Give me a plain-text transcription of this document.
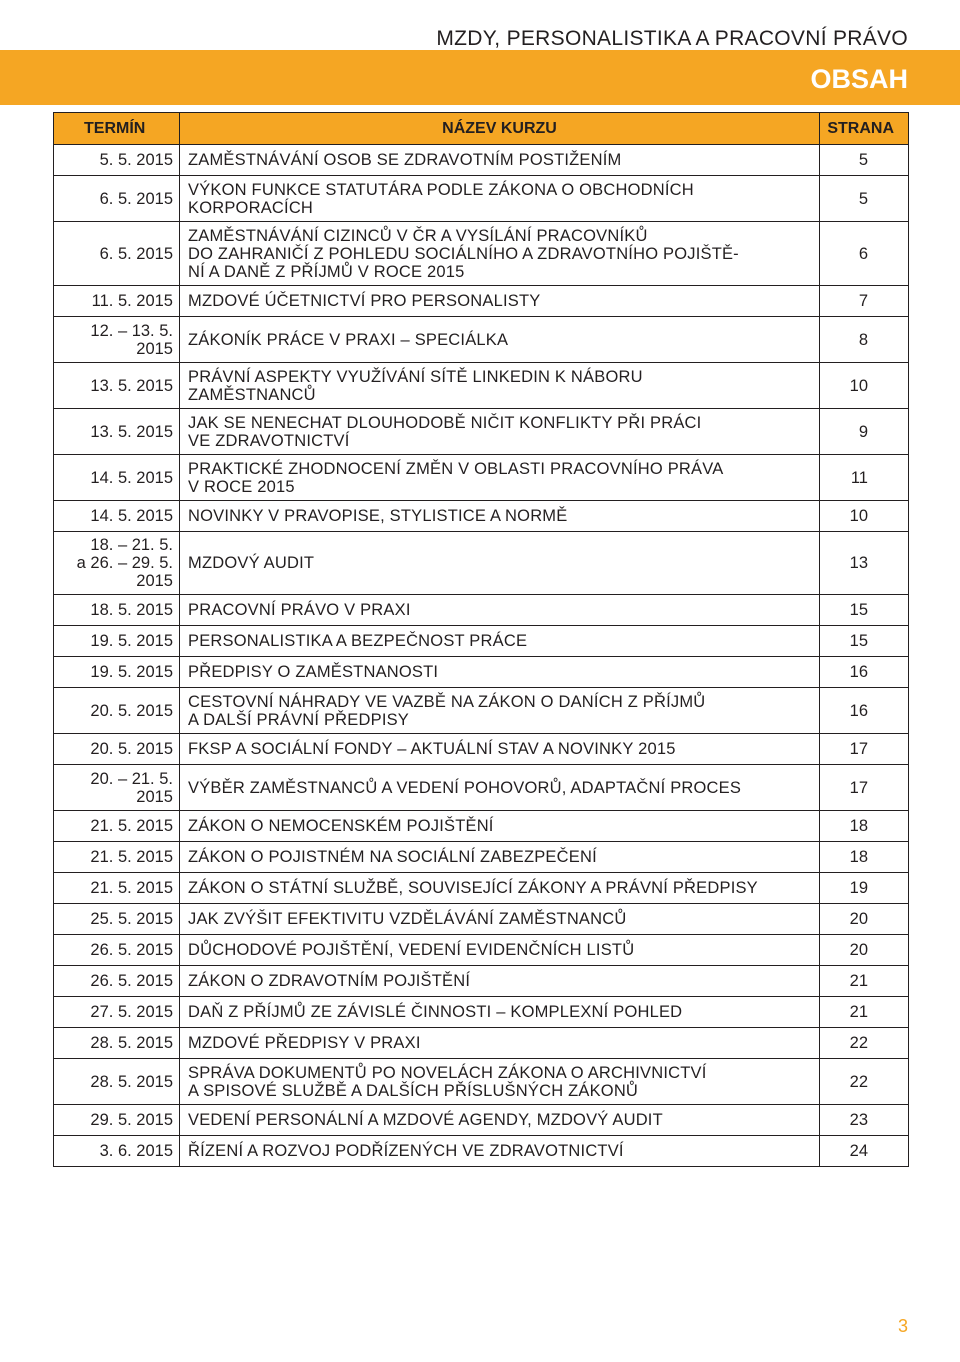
MZDY, PERSONALISTIKA A PRACOVNÍ PRÁVO
OBSAH
TERMÍN	NÁZEV KURZU	STRANA
5. 5. 2015	ZAMĚSTNÁVÁNÍ OSOB SE ZDRAVOTNÍM POSTIŽENÍM	5
6. 5. 2015	VÝKON FUNKCE STATUTÁRA PODLE ZÁKONA O OBCHODNÍCH
KORPORACÍCH	5
6. 5. 2015	ZAMĚSTNÁVÁNÍ CIZINCŮ V ČR A VYSÍLÁNÍ PRACOVNÍKŮ
DO ZAHRANIČÍ Z POHLEDU SOCIÁLNÍHO A ZDRAVOTNÍHO POJIŠTĚ-
NÍ A DANĚ Z PŘÍJMŮ V ROCE 2015	6
11. 5. 2015	MZDOVÉ ÚČETNICTVÍ PRO PERSONALISTY	7
12. – 13. 5.
2015	ZÁKONÍK PRÁCE V PRAXI – SPECIÁLKA	8
13. 5. 2015	PRÁVNÍ ASPEKTY VYUŽÍVÁNÍ SÍTĚ LINKEDIN K NÁBORU
ZAMĚSTNANCŮ	10
13. 5. 2015	JAK SE NENECHAT DLOUHODOBĚ NIČIT KONFLIKTY PŘI PRÁCI
VE ZDRAVOTNICTVÍ	9
14. 5. 2015	PRAKTICKÉ ZHODNOCENÍ ZMĚN V OBLASTI PRACOVNÍHO PRÁVA
V ROCE 2015	11
14. 5. 2015	NOVINKY V PRAVOPISE, STYLISTICE A NORMĚ	10
18. – 21. 5.
a 26. – 29. 5.
2015	MZDOVÝ AUDIT	13
18. 5. 2015	PRACOVNÍ PRÁVO V PRAXI	15
19. 5. 2015	PERSONALISTIKA A BEZPEČNOST PRÁCE	15
19. 5. 2015	PŘEDPISY O ZAMĚSTNANOSTI	16
20. 5. 2015	CESTOVNÍ NÁHRADY VE VAZBĚ NA ZÁKON O DANÍCH Z PŘÍJMŮ
A DALŠÍ PRÁVNÍ PŘEDPISY	16
20. 5. 2015	FKSP A SOCIÁLNÍ FONDY – AKTUÁLNÍ STAV A NOVINKY 2015	17
20. – 21. 5.
2015	VÝBĚR ZAMĚSTNANCŮ A VEDENÍ POHOVORŮ, ADAPTAČNÍ PROCES	17
21. 5. 2015	ZÁKON O NEMOCENSKÉM POJIŠTĚNÍ	18
21. 5. 2015	ZÁKON O POJISTNÉM NA SOCIÁLNÍ ZABEZPEČENÍ	18
21. 5. 2015	ZÁKON O STÁTNÍ SLUŽBĚ, SOUVISEJÍCÍ ZÁKONY A PRÁVNÍ PŘEDPISY	19
25. 5. 2015	JAK ZVÝŠIT EFEKTIVITU VZDĚLÁVÁNÍ ZAMĚSTNANCŮ	20
26. 5. 2015	DŮCHODOVÉ POJIŠTĚNÍ, VEDENÍ EVIDENČNÍCH LISTŮ	20
26. 5. 2015	ZÁKON O ZDRAVOTNÍM POJIŠTĚNÍ	21
27. 5. 2015	DAŇ Z PŘÍJMŮ ZE ZÁVISLÉ ČINNOSTI – KOMPLEXNÍ POHLED	21
28. 5. 2015	MZDOVÉ PŘEDPISY V PRAXI	22
28. 5. 2015	SPRÁVA DOKUMENTŮ PO NOVELÁCH ZÁKONA O ARCHIVNICTVÍ
A SPISOVÉ SLUŽBĚ A DALŠÍCH PŘÍSLUŠNÝCH ZÁKONŮ	22
29. 5. 2015	VEDENÍ PERSONÁLNÍ A MZDOVÉ AGENDY, MZDOVÝ AUDIT	23
3. 6. 2015	ŘÍZENÍ A ROZVOJ PODŘÍZENÝCH VE ZDRAVOTNICTVÍ	24
3
